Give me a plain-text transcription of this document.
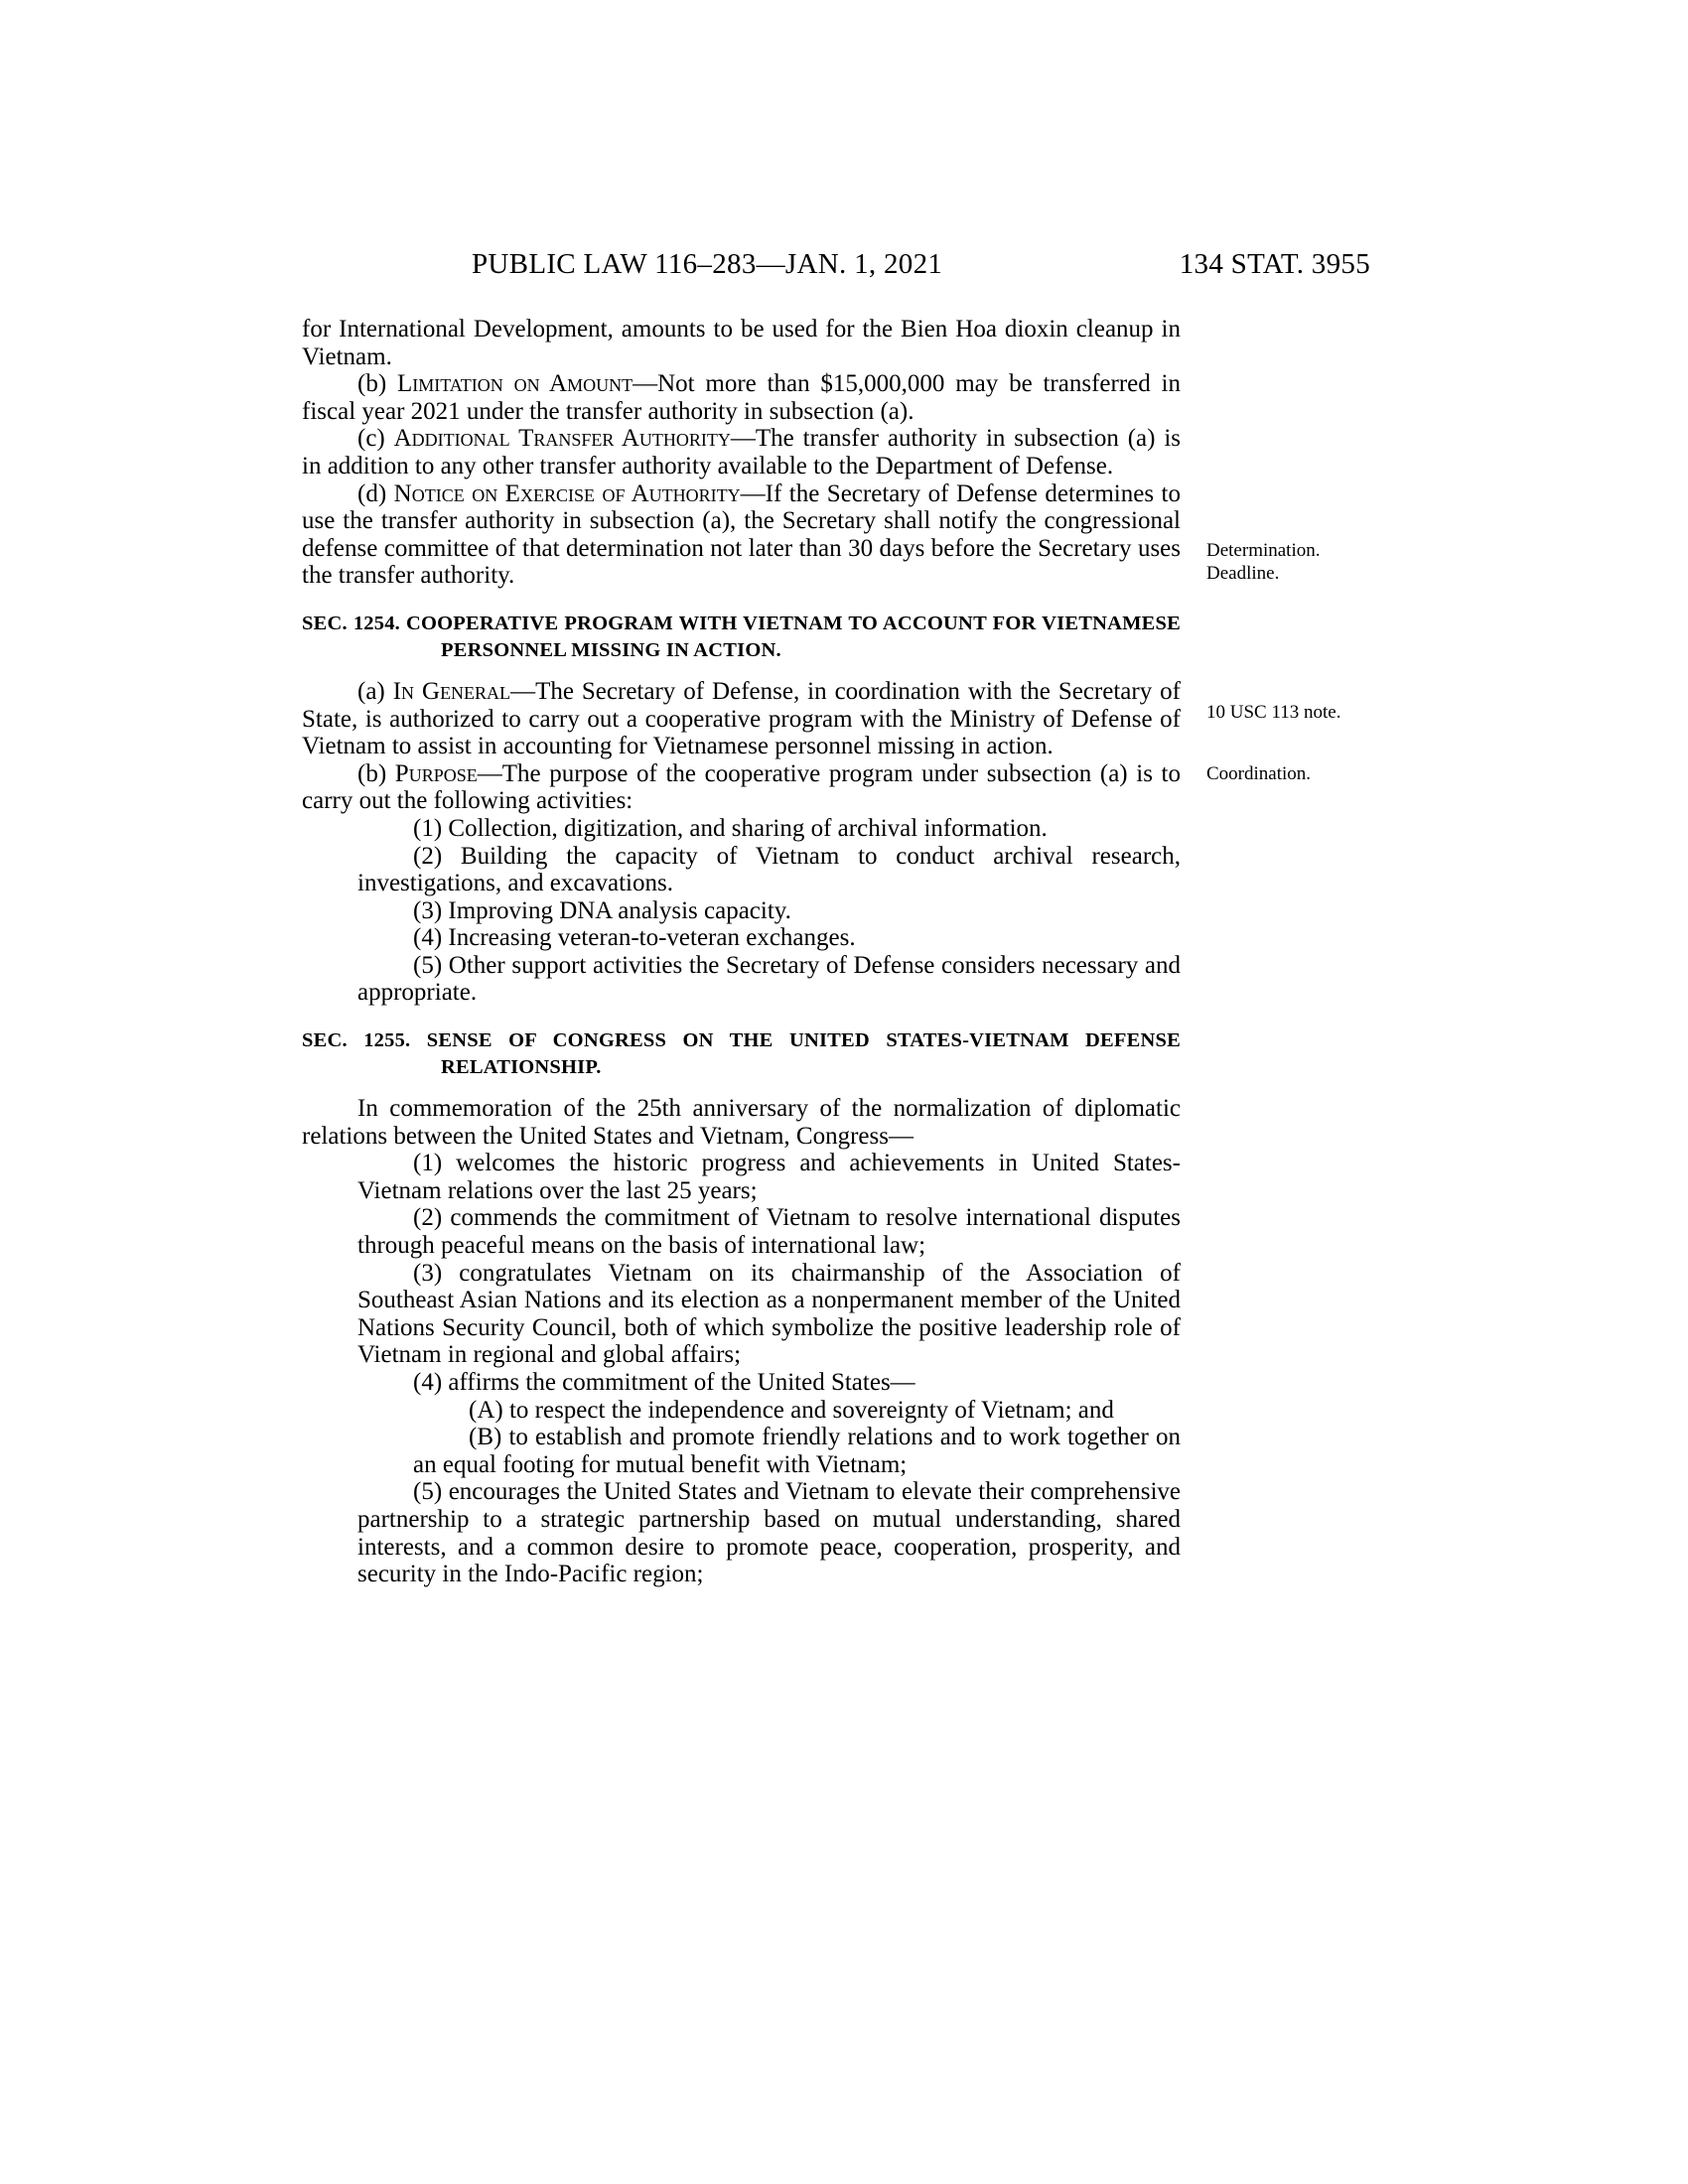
PUBLIC LAW 116–283—JAN. 1, 2021	134 STAT. 3955
Determination.
Deadline.
10 USC 113 note.
Coordination.

for International Development, amounts to be used for the Bien Hoa dioxin cleanup in Vietnam.

(b) Limitation on Amount—Not more than $15,000,000 may be transferred in fiscal year 2021 under the transfer authority in subsection (a).

(c) Additional Transfer Authority—The transfer authority in subsection (a) is in addition to any other transfer authority available to the Department of Defense.

(d) Notice on Exercise of Authority—If the Secretary of Defense determines to use the transfer authority in subsection (a), the Secretary shall notify the congressional defense committee of that determination not later than 30 days before the Secretary uses the transfer authority.

SEC. 1254. COOPERATIVE PROGRAM WITH VIETNAM TO ACCOUNT FOR VIETNAMESE PERSONNEL MISSING IN ACTION.

(a) In General—The Secretary of Defense, in coordination with the Secretary of State, is authorized to carry out a cooperative program with the Ministry of Defense of Vietnam to assist in accounting for Vietnamese personnel missing in action.

(b) Purpose—The purpose of the cooperative program under subsection (a) is to carry out the following activities:

(1) Collection, digitization, and sharing of archival information.

(2) Building the capacity of Vietnam to conduct archival research, investigations, and excavations.

(3) Improving DNA analysis capacity.

(4) Increasing veteran-to-veteran exchanges.

(5) Other support activities the Secretary of Defense considers necessary and appropriate.

SEC. 1255. SENSE OF CONGRESS ON THE UNITED STATES-VIETNAM DEFENSE RELATIONSHIP.

In commemoration of the 25th anniversary of the normalization of diplomatic relations between the United States and Vietnam, Congress—

(1) welcomes the historic progress and achievements in United States-Vietnam relations over the last 25 years;

(2) commends the commitment of Vietnam to resolve international disputes through peaceful means on the basis of international law;

(3) congratulates Vietnam on its chairmanship of the Association of Southeast Asian Nations and its election as a nonpermanent member of the United Nations Security Council, both of which symbolize the positive leadership role of Vietnam in regional and global affairs;

(4) affirms the commitment of the United States—

(A) to respect the independence and sovereignty of Vietnam; and

(B) to establish and promote friendly relations and to work together on an equal footing for mutual benefit with Vietnam;

(5) encourages the United States and Vietnam to elevate their comprehensive partnership to a strategic partnership based on mutual understanding, shared interests, and a common desire to promote peace, cooperation, prosperity, and security in the Indo-Pacific region;
